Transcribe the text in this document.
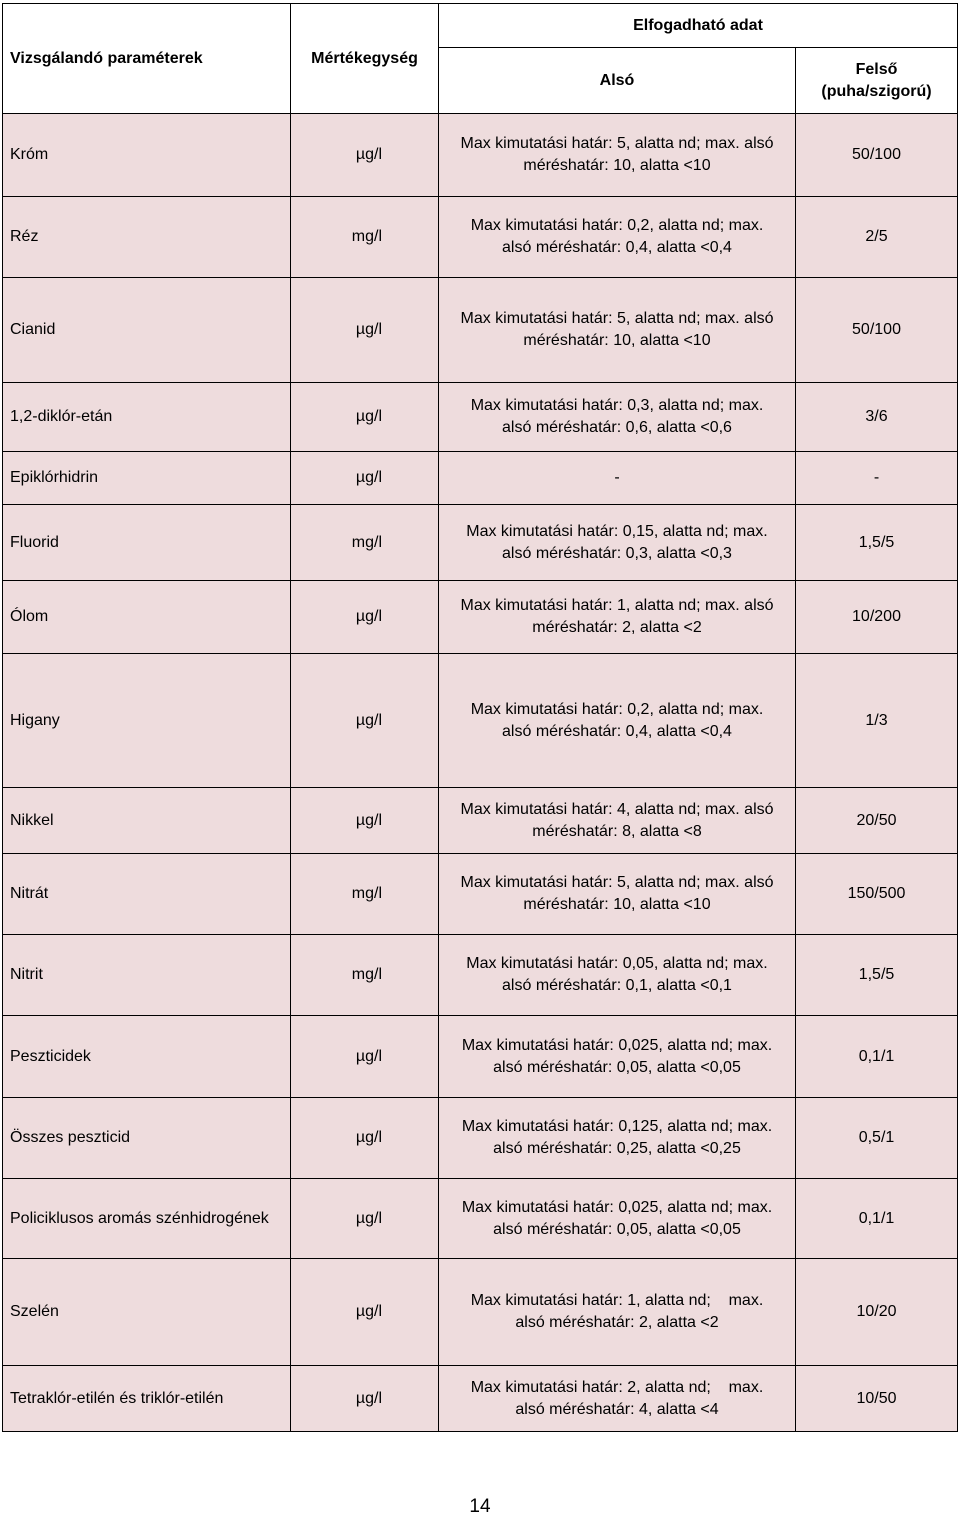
Vizsgálandó paraméterek	Mértékegység	Elfogadható adat	
		Alsó	Felső
(puha/szigorú)
Króm	µg/l	Max kimutatási határ: 5, alatta nd; max. alsó
méréshatár: 10, alatta <10	50/100
Réz	mg/l	Max kimutatási határ: 0,2, alatta nd; max.
alsó méréshatár: 0,4, alatta <0,4	2/5
Cianid	µg/l	Max kimutatási határ: 5, alatta nd; max. alsó
méréshatár: 10, alatta <10	50/100
1,2-diklór-etán	µg/l	Max kimutatási határ: 0,3, alatta nd; max.
alsó méréshatár: 0,6, alatta <0,6	3/6
Epiklórhidrin	µg/l	-	-
Fluorid	mg/l	Max kimutatási határ: 0,15, alatta nd; max.
alsó méréshatár: 0,3, alatta <0,3	1,5/5
Ólom	µg/l	Max kimutatási határ: 1, alatta nd; max. alsó
méréshatár: 2, alatta <2	10/200
Higany	µg/l	Max kimutatási határ: 0,2, alatta nd; max.
alsó méréshatár: 0,4, alatta <0,4	1/3
Nikkel	µg/l	Max kimutatási határ: 4, alatta nd; max. alsó
méréshatár: 8, alatta <8	20/50
Nitrát	mg/l	Max kimutatási határ: 5, alatta nd; max. alsó
méréshatár: 10, alatta <10	150/500
Nitrit	mg/l	Max kimutatási határ: 0,05, alatta nd; max.
alsó méréshatár: 0,1, alatta <0,1	1,5/5
Peszticidek	µg/l	Max kimutatási határ: 0,025, alatta nd; max.
alsó méréshatár: 0,05, alatta <0,05	0,1/1
Összes peszticid	µg/l	Max kimutatási határ: 0,125, alatta nd; max.
alsó méréshatár: 0,25, alatta <0,25	0,5/1
Policiklusos aromás szénhidrogének	µg/l	Max kimutatási határ: 0,025, alatta nd; max.
alsó méréshatár: 0,05, alatta <0,05	0,1/1
Szelén	µg/l	Max kimutatási határ: 1, alatta nd;    max.
alsó méréshatár: 2, alatta <2	10/20
Tetraklór-etilén és triklór-etilén	µg/l	Max kimutatási határ: 2, alatta nd;    max.
alsó méréshatár: 4, alatta <4	10/50
14
